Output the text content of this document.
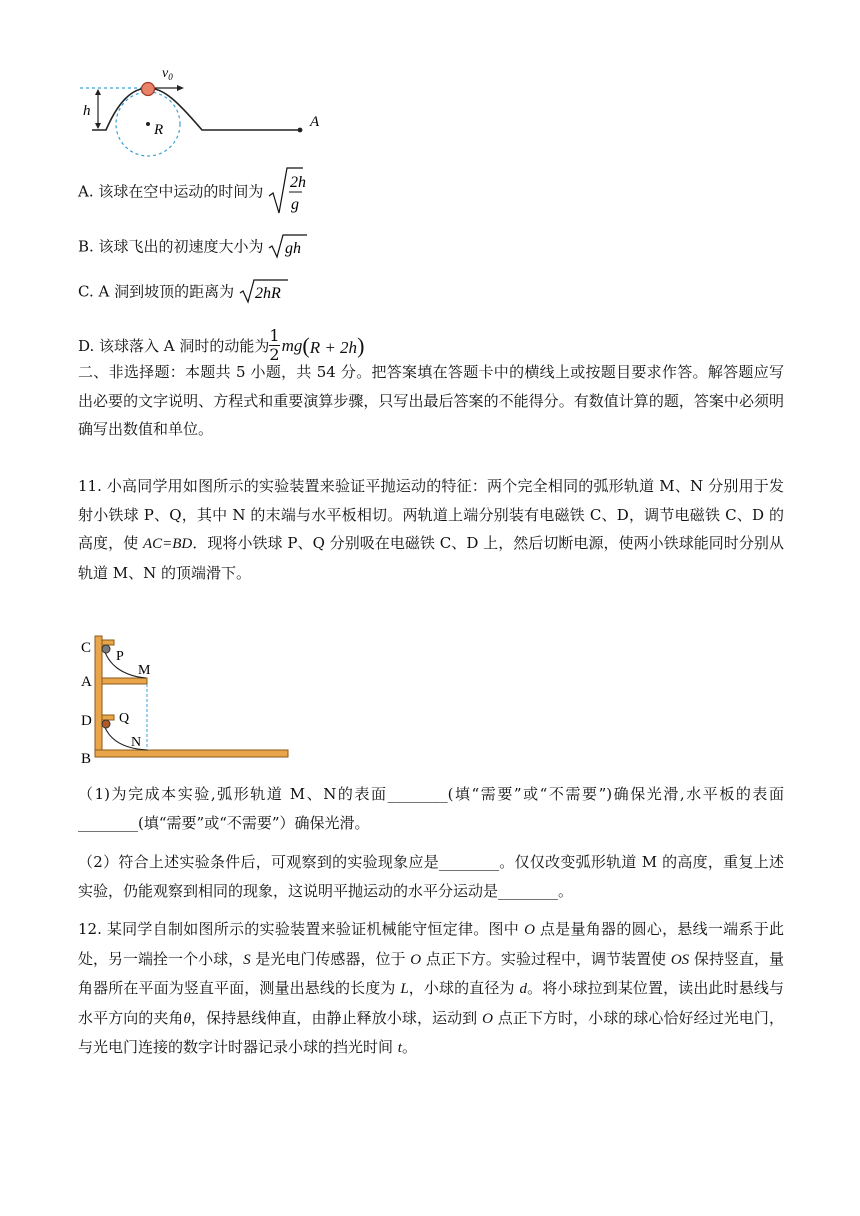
h
$v_0$
R	A
A. 该球在空中运动的时间为 2h
g
B. 该球飞出的初速度大小为 gh
C. A 洞到坡顶的距离为 2hR
D. 该球落入 A 洞时的动能为 $\frac{1}{2} mg(R + 2h)$
二、非选择题：本题共 5 小题，共 54 分。把答案填在答题卡中的横线上或按题目要求作答。解答题应写出必要的文字说明、方程式和重要演算步骤，只写出最后答案的不能得分。有数值计算的题，答案中必须明确写出数值和单位。
11. 小高同学用如图所示的实验装置来验证平抛运动的特征：两个完全相同的弧形轨道 M、N 分别用于发射小铁球 P、Q，其中 N 的末端与水平板相切。两轨道上端分别装有电磁铁 C、D，调节电磁铁 C、D 的高度，使 AC=BD．现将小铁球 P、Q 分别吸在电磁铁 C、D 上，然后切断电源，使两小铁球能同时分别从轨道 M、N 的顶端滑下。
C
P
M
A
D Q
N
B
（1)为完成本实验,弧形轨道 M、N的表面________(填“需要”或“不需要”)确保光滑,水平板的表面________(填“需要”或“不需要”）确保光滑。
（2）符合上述实验条件后，可观察到的实验现象应是________。仅仅改变弧形轨道 M 的高度，重复上述实验，仍能观察到相同的现象，这说明平抛运动的水平分运动是________。
12. 某同学自制如图所示的实验装置来验证机械能守恒定律。图中 O 点是量角器的圆心，悬线一端系于此处，另一端拴一个小球，S 是光电门传感器，位于 O 点正下方。实验过程中，调节装置使 OS 保持竖直，量角器所在平面为竖直平面，测量出悬线的长度为 L，小球的直径为 d。将小球拉到某位置，读出此时悬线与水平方向的夹角θ，保持悬线伸直，由静止释放小球，运动到 O 点正下方时，小球的球心恰好经过光电门，与光电门连接的数字计时器记录小球的挡光时间 t。
